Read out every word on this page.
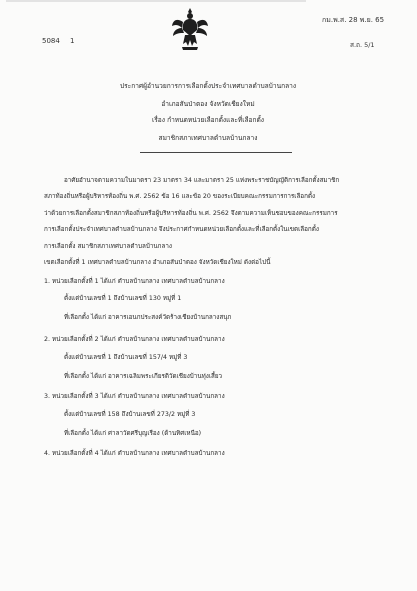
5084 1
กม.พ.ส. 28 พ.ย. 65
ส.ถ. 5/1
ประกาศผู้อำนวยการการเลือกตั้งประจำเทศบาลตำบลบ้านกลาง
อำเภอสันป่าตอง จังหวัดเชียงใหม่
เรื่อง กำหนดหน่วยเลือกตั้งและที่เลือกตั้ง
สมาชิกสภาเทศบาลตำบลบ้านกลาง
อาศัยอำนาจตามความในมาตรา 23 มาตรา 34 และมาตรา 25 แห่งพระราชบัญญัติการเลือกตั้งสมาชิก
สภาท้องถิ่นหรือผู้บริหารท้องถิ่น พ.ศ. 2562 ข้อ 16 และข้อ 20 ของระเบียบคณะกรรมการการเลือกตั้ง
ว่าด้วยการเลือกตั้งสมาชิกสภาท้องถิ่นหรือผู้บริหารท้องถิ่น พ.ศ. 2562 จึงตามความเห็นชอบของคณะกรรมการ
การเลือกตั้งประจำเทศบาลตำบลบ้านกลาง จึงประกาศกำหนดหน่วยเลือกตั้งและที่เลือกตั้งในเขตเลือกตั้ง
การเลือกตั้ง สมาชิกสภาเทศบาลตำบลบ้านกลาง
เขตเลือกตั้งที่ 1 เทศบาลตำบลบ้านกลาง อำเภอสันป่าตอง จังหวัดเชียงใหม่ ดังต่อไปนี้
1. หน่วยเลือกตั้งที่ 1 ได้แก่ ตำบลบ้านกลาง เทศบาลตำบลบ้านกลาง
ตั้งแต่บ้านเลขที่ 1 ถึงบ้านเลขที่ 130 หมู่ที่ 1
ที่เลือกตั้ง ได้แก่ อาคารเอนกประสงค์วัดร้างเชียงบ้านกลางสนุก
2. หน่วยเลือกตั้งที่ 2 ได้แก่ ตำบลบ้านกลาง เทศบาลตำบลบ้านกลาง
ตั้งแต่บ้านเลขที่ 1 ถึงบ้านเลขที่ 157/4 หมู่ที่ 3
ที่เลือกตั้ง ได้แก่ อาคารเฉลิมพระเกียรติวัดเชียงบ้านทุ่งเสี้ยว
3. หน่วยเลือกตั้งที่ 3 ได้แก่ ตำบลบ้านกลาง เทศบาลตำบลบ้านกลาง
ตั้งแต่บ้านเลขที่ 158 ถึงบ้านเลขที่ 273/2 หมู่ที่ 3
ที่เลือกตั้ง ได้แก่ ศาลาวัดศรีบุญเรือง (ด้านทิศเหนือ)
4. หน่วยเลือกตั้งที่ 4 ได้แก่ ตำบลบ้านกลาง เทศบาลตำบลบ้านกลาง
